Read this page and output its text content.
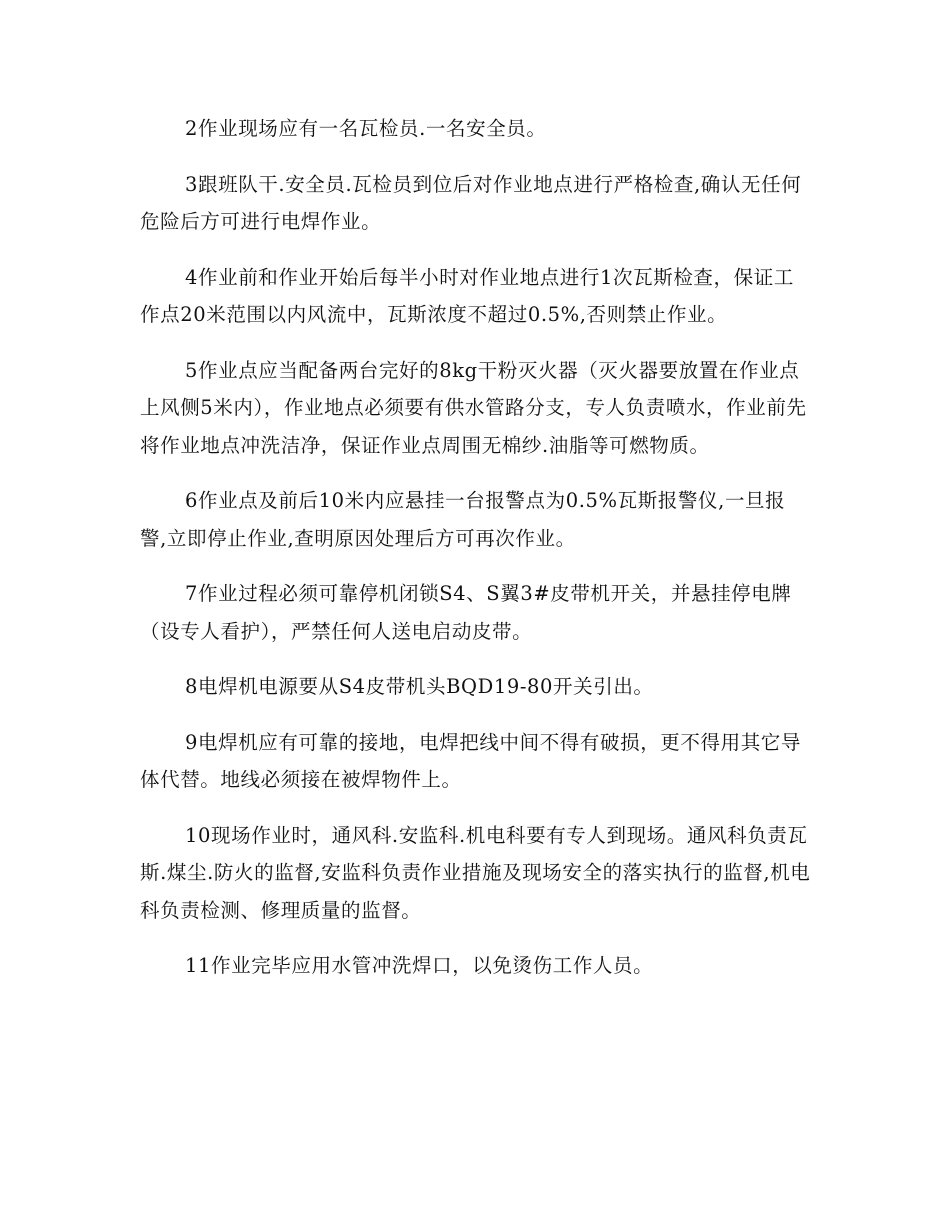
2作业现场应有一名瓦检员.一名安全员。

3跟班队干.安全员.瓦检员到位后对作业地点进行严格检查,确认无任何危险后方可进行电焊作业。

4作业前和作业开始后每半小时对作业地点进行1次瓦斯检查，保证工作点20米范围以内风流中，瓦斯浓度不超过0.5%,否则禁止作业。

5作业点应当配备两台完好的8kg干粉灭火器（灭火器要放置在作业点上风侧5米内），作业地点必须要有供水管路分支，专人负责喷水，作业前先将作业地点冲洗洁净，保证作业点周围无棉纱.油脂等可燃物质。

6作业点及前后10米内应悬挂一台报警点为0.5%瓦斯报警仪,一旦报警,立即停止作业,查明原因处理后方可再次作业。

7作业过程必须可靠停机闭锁S4、S翼3#皮带机开关，并悬挂停电牌（设专人看护），严禁任何人送电启动皮带。

8电焊机电源要从S4皮带机头BQD19-80开关引出。

9电焊机应有可靠的接地，电焊把线中间不得有破损，更不得用其它导体代替。地线必须接在被焊物件上。

10现场作业时，通风科.安监科.机电科要有专人到现场。通风科负责瓦斯.煤尘.防火的监督,安监科负责作业措施及现场安全的落实执行的监督,机电科负责检测、修理质量的监督。

11作业完毕应用水管冲洗焊口，以免烫伤工作人员。
